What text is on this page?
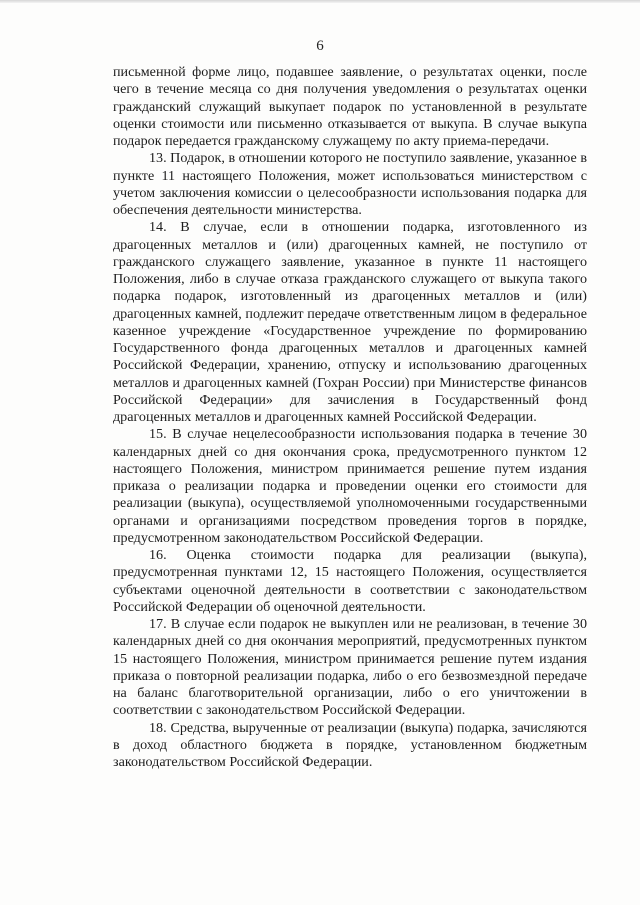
6

письменной форме лицо, подавшее заявление, о результатах оценки, после чего в течение месяца со дня получения уведомления о результатах оценки гражданский служащий выкупает подарок по установленной в результате оценки стоимости или письменно отказывается от выкупа. В случае выкупа подарок передается гражданскому служащему по акту приема-передачи.

13. Подарок, в отношении которого не поступило заявление, указанное в пункте 11 настоящего Положения, может использоваться министерством с учетом заключения комиссии о целесообразности использования подарка для обеспечения деятельности министерства.

14. В случае, если в отношении подарка, изготовленного из драгоценных металлов и (или) драгоценных камней, не поступило от гражданского служащего заявление, указанное в пункте 11 настоящего Положения, либо в случае отказа гражданского служащего от выкупа такого подарка подарок, изготовленный из драгоценных металлов и (или) драгоценных камней, подлежит передаче ответственным лицом в федеральное казенное учреждение «Государственное учреждение по формированию Государственного фонда драгоценных металлов и драгоценных камней Российской Федерации, хранению, отпуску и использованию драгоценных металлов и драгоценных камней (Гохран России) при Министерстве финансов Российской Федерации» для зачисления в Государственный фонд драгоценных металлов и драгоценных камней Российской Федерации.

15. В случае нецелесообразности использования подарка в течение 30 календарных дней со дня окончания срока, предусмотренного пунктом 12 настоящего Положения, министром принимается решение путем издания приказа о реализации подарка и проведении оценки его стоимости для реализации (выкупа), осуществляемой уполномоченными государственными органами и организациями посредством проведения торгов в порядке, предусмотренном законодательством Российской Федерации.

16. Оценка стоимости подарка для реализации (выкупа), предусмотренная пунктами 12, 15 настоящего Положения, осуществляется субъектами оценочной деятельности в соответствии с законодательством Российской Федерации об оценочной деятельности.

17. В случае если подарок не выкуплен или не реализован, в течение 30 календарных дней со дня окончания мероприятий, предусмотренных пунктом 15 настоящего Положения, министром принимается решение путем издания приказа о повторной реализации подарка, либо о его безвозмездной передаче на баланс благотворительной организации, либо о его уничтожении в соответствии с законодательством Российской Федерации.

18. Средства, вырученные от реализации (выкупа) подарка, зачисляются в доход областного бюджета в порядке, установленном бюджетным законодательством Российской Федерации.
